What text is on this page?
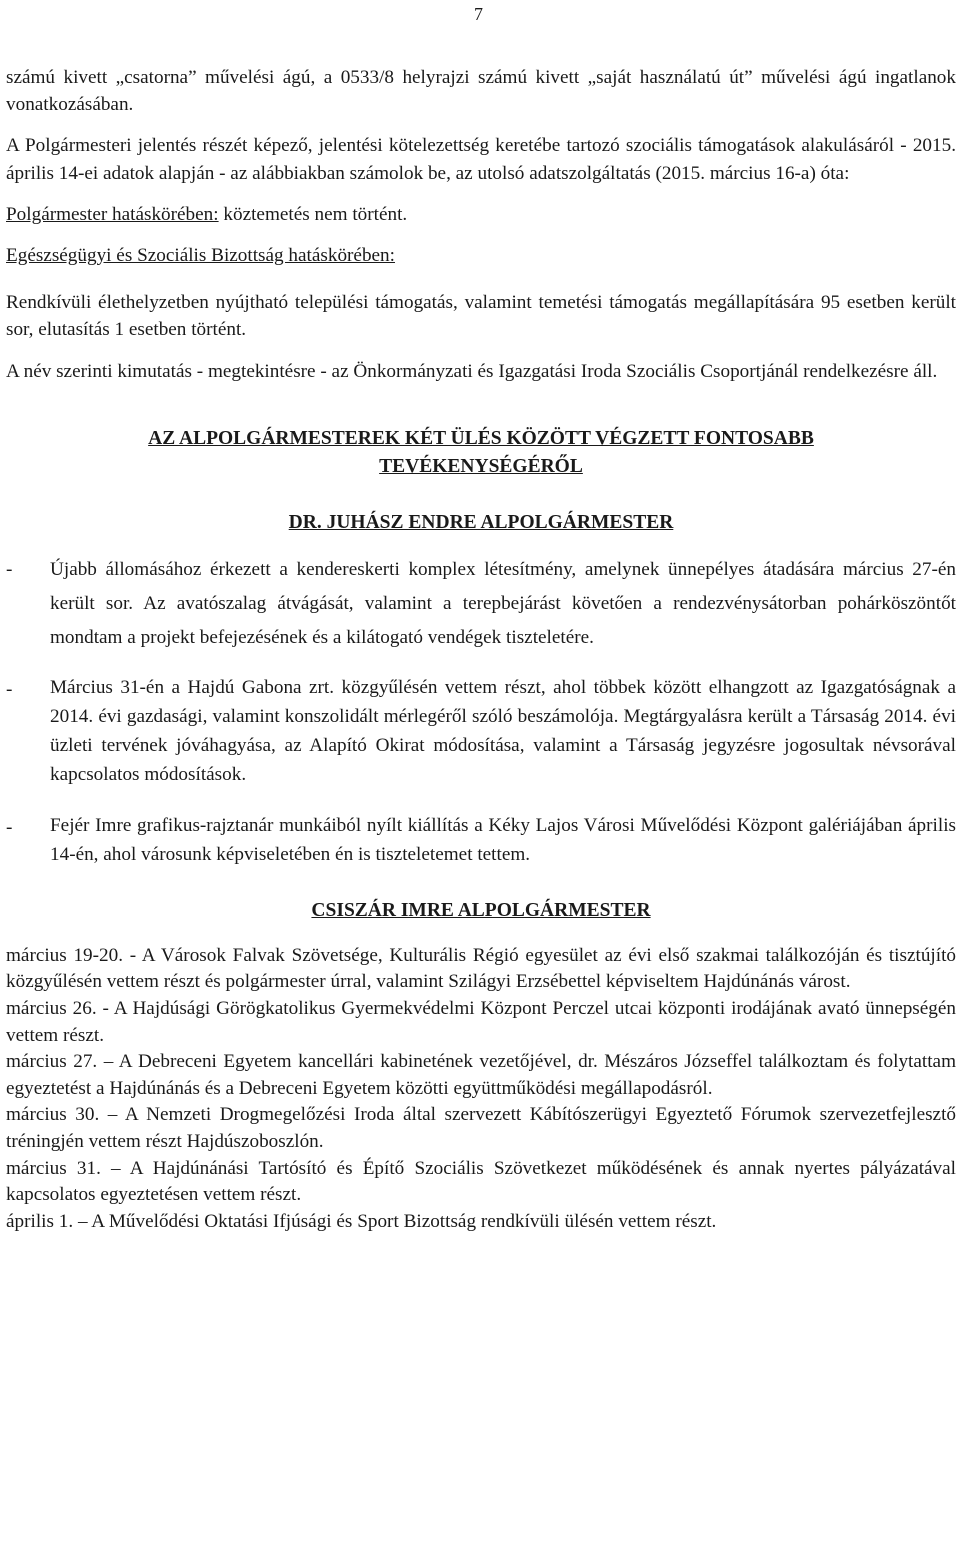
7

számú kivett „csatorna” művelési ágú, a 0533/8 helyrajzi számú kivett „saját használatú út” művelési ágú ingatlanok vonatkozásában.

A Polgármesteri jelentés részét képező, jelentési kötelezettség keretébe tartozó szociális támogatások alakulásáról - 2015. április 14-ei adatok alapján - az alábbiakban számolok be, az utolsó adatszolgáltatás (2015. március 16-a) óta:

Polgármester hatáskörében: köztemetés nem történt.

Egészségügyi és Szociális Bizottság hatáskörében:

Rendkívüli élethelyzetben nyújtható települési támogatás, valamint temetési támogatás megállapítására 95 esetben került sor, elutasítás 1 esetben történt.

A név szerinti kimutatás - megtekintésre - az Önkormányzati és Igazgatási Iroda Szociális Csoportjánál rendelkezésre áll.

AZ ALPOLGÁRMESTEREK KÉT ÜLÉS KÖZÖTT VÉGZETT FONTOSABB

TEVÉKENYSÉGÉRŐL

DR. JUHÁSZ ENDRE ALPOLGÁRMESTER

-	Újabb állomásához érkezett a kendereskerti komplex létesítmény, amelynek ünnepélyes átadására március 27-én került sor. Az avatószalag átvágását, valamint a terepbejárást követően a rendezvénysátorban pohárköszöntőt mondtam a projekt befejezésének és a kilátogató vendégek tiszteletére.
-	Március 31-én a Hajdú Gabona zrt. közgyűlésén vettem részt, ahol többek között elhangzott az Igazgatóságnak a 2014. évi gazdasági, valamint konszolidált mérlegéről szóló beszámolója. Megtárgyalásra került a Társaság 2014. évi üzleti tervének jóváhagyása, az Alapító Okirat módosítása, valamint a Társaság jegyzésre jogosultak névsorával kapcsolatos módosítások.
-	Fejér Imre grafikus-rajztanár munkáiból nyílt kiállítás a Kéky Lajos Városi Művelődési Központ galériájában április 14-én, ahol városunk képviseletében én is tiszteletemet tettem.

CSISZÁR IMRE ALPOLGÁRMESTER

március 19-20. - A Városok Falvak Szövetsége, Kulturális Régió egyesület az évi első szakmai találkozóján és tisztújító közgyűlésén vettem részt és polgármester úrral, valamint Szilágyi Erzsébettel képviseltem Hajdúnánás várost.

március 26. - A Hajdúsági Görögkatolikus Gyermekvédelmi Központ Perczel utcai központi irodájának avató ünnepségén vettem részt.

március 27. – A Debreceni Egyetem kancellári kabinetének vezetőjével, dr. Mészáros Józseffel találkoztam és folytattam egyeztetést a Hajdúnánás és a Debreceni Egyetem közötti együttműködési megállapodásról.

március 30. – A Nemzeti Drogmegelőzési Iroda által szervezett Kábítószerügyi Egyeztető Fórumok szervezetfejlesztő tréningjén vettem részt Hajdúszoboszlón.

március 31. – A Hajdúnánási Tartósító és Építő Szociális Szövetkezet működésének és annak nyertes pályázatával kapcsolatos egyeztetésen vettem részt.

április 1. – A Művelődési Oktatási Ifjúsági és Sport Bizottság rendkívüli ülésén vettem részt.
